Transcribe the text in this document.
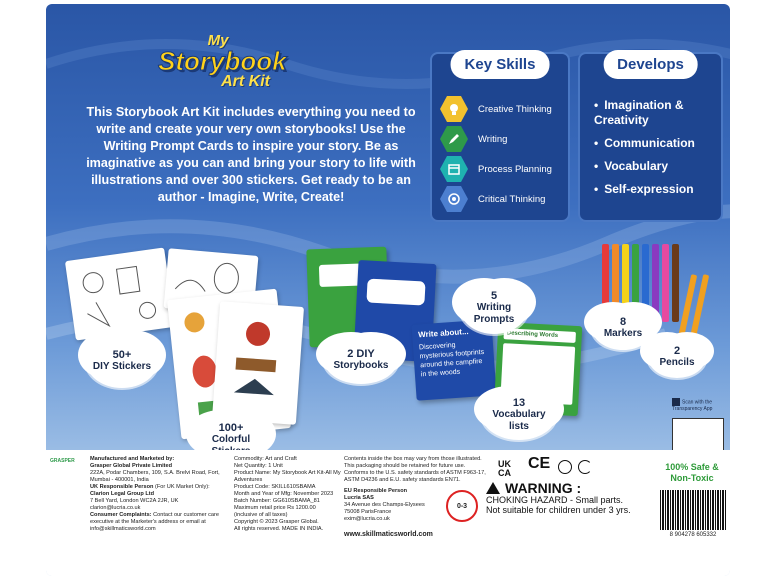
My
Storybook
Art Kit
This Storybook Art Kit includes everything you need to write and create your very own storybooks! Use the Writing Prompt Cards to inspire your story. Be as imaginative as you can and bring your story to life with illustrations and over 300 stickers. Get ready to be an author - Imagine, Write, Create!
Key Skills
Creative Thinking
Writing
Process Planning
Critical Thinking
Develops
• Imagination & Creativity
• Communication
• Vocabulary
• Self-expression
50+
DIY Stickers
100+
Colorful
2 DIY
Storybooks
Write about...
Discovering mysterious footprints around the campfire in the woods
Describing Words
5
Writing Prompts
13
Vocabulary lists
8
Markers
2
Pencils
Scan with the Transparency App
GRASPER	Manufactured and Marketed by:
Grasper Global Private Limited
222A, Podar Chambers, 109, S.A. Brelvi Road, Fort, Mumbai - 400001, India
UK Responsible Person (For UK Market Only):
Clarion Legal Group Ltd
7 Bell Yard, London WC2A 2JR, UK
clarion@lucria.co.uk
Consumer Complaints: Contact our customer care executive at the Marketer's address or email at info@skillmaticsworld.com
Commodity: Art and Craft
Net Quantity: 1 Unit
Product Name: My Storybook Art Kit-All My Adventures
Product Code: SKILL610SBAMA
Month and Year of Mfg: November 2023
Batch Number: GG610SBAMA_81
Maximum retail price Rs 1200.00
(inclusive of all taxes)
Copyright © 2023 Grasper Global.
All rights reserved. MADE IN INDIA.
Contents inside the box may vary from those illustrated.
This packaging should be retained for future use.
Conforms to the U.S. safety standards of ASTM F963-17, ASTM D4236 and E.U. safety standards EN71.
EU Responsible Person
Lucria SAS
34 Avenue des Champs-Elysees
75008 ParisFrance
exim@lucria.co.uk
www.skillmaticsworld.com
0-3
WARNING :
CHOKING HAZARD - Small parts.
Not suitable for children under 3 yrs.
UK CA
CE	100% Safe & Non-Toxic
8 904278 605332
